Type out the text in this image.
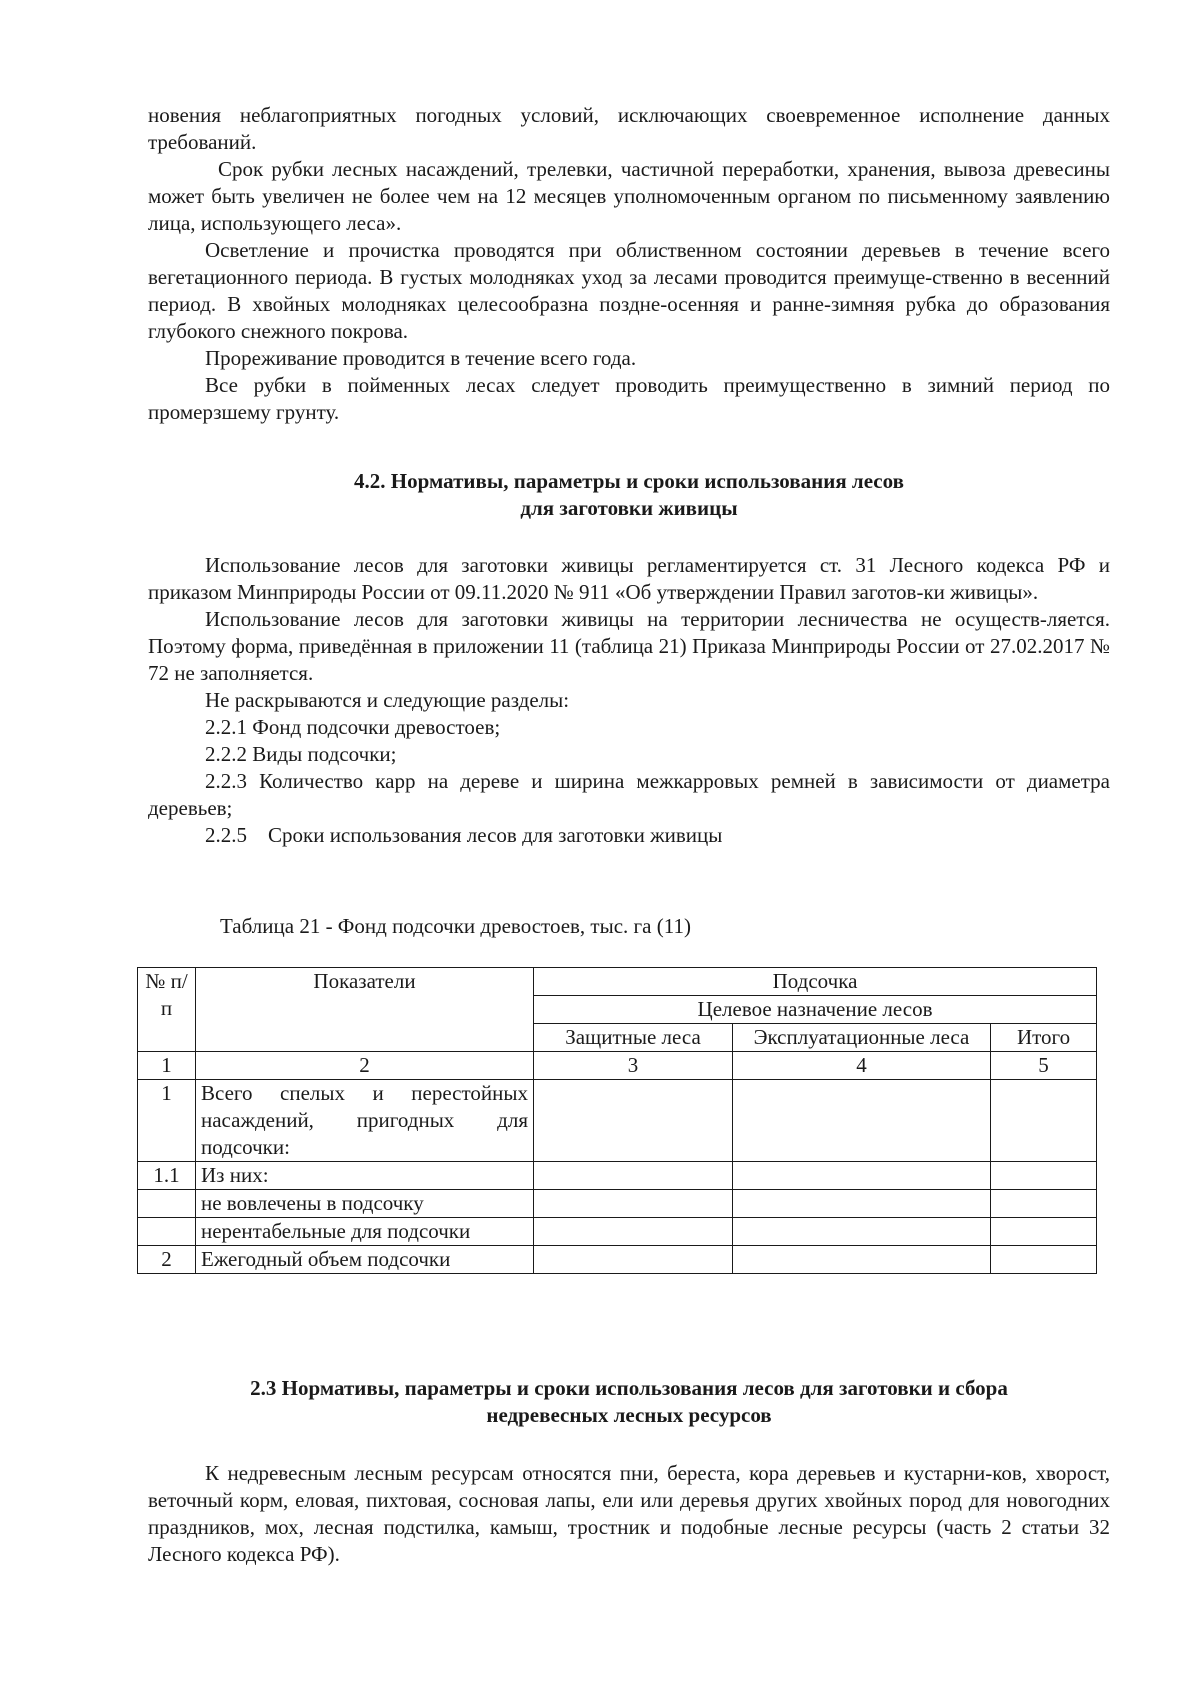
новения неблагоприятных погодных условий, исключающих своевременное исполнение данных требований.

Срок рубки лесных насаждений, трелевки, частичной переработки, хранения, вывоза древесины может быть увеличен не более чем на 12 месяцев уполномоченным органом по письменному заявлению лица, использующего леса».

Осветление и прочистка проводятся при облиственном состоянии деревьев в течение всего вегетационного периода. В густых молодняках уход за лесами проводится преимуще-ственно в весенний период. В хвойных молодняках целесообразна поздне-осенняя и ранне-зимняя рубка до образования глубокого снежного покрова.

Прореживание проводится в течение всего года.

Все рубки в пойменных лесах следует проводить преимущественно в зимний период по промерзшему грунту.

4.2. Нормативы, параметры и сроки использования лесов
для заготовки живицы

Использование лесов для заготовки живицы регламентируется ст. 31 Лесного кодекса РФ и приказом Минприроды России от 09.11.2020 № 911 «Об утверждении Правил заготов-ки живицы».

Использование лесов для заготовки живицы на территории лесничества не осуществ-ляется. Поэтому форма, приведённая в приложении 11 (таблица 21) Приказа Минприроды России от 27.02.2017 № 72 не заполняется.

Не раскрываются и следующие разделы:

2.2.1 Фонд подсочки древостоев;

2.2.2 Виды подсочки;

2.2.3 Количество карр на дереве и ширина межкарровых ремней в зависимости от диаметра деревьев;

2.2.5    Сроки использования лесов для заготовки живицы

Таблица 21 - Фонд подсочки древостоев, тыс. га (11)
№ п/п	Показатели	Подсочка		
		Целевое назначение лесов		
		Защитные леса	Эксплуатационные леса	Итого
1	2	3	4	5
1	Всего спелых и перестойных насаждений, пригодных для подсочки:			
1.1	Из них:			
	не вовлечены в подсочку			
	нерентабельные для подсочки			
2	Ежегодный объем подсочки			
2.3 Нормативы, параметры и сроки использования лесов для заготовки и сбора
недревесных лесных ресурсов

К недревесным лесным ресурсам относятся пни, береста, кора деревьев и кустарни-ков, хворост, веточный корм, еловая, пихтовая, сосновая лапы, ели или деревья других хвойных пород для новогодних праздников, мох, лесная подстилка, камыш, тростник и подобные лесные ресурсы (часть 2 статьи 32 Лесного кодекса РФ).
